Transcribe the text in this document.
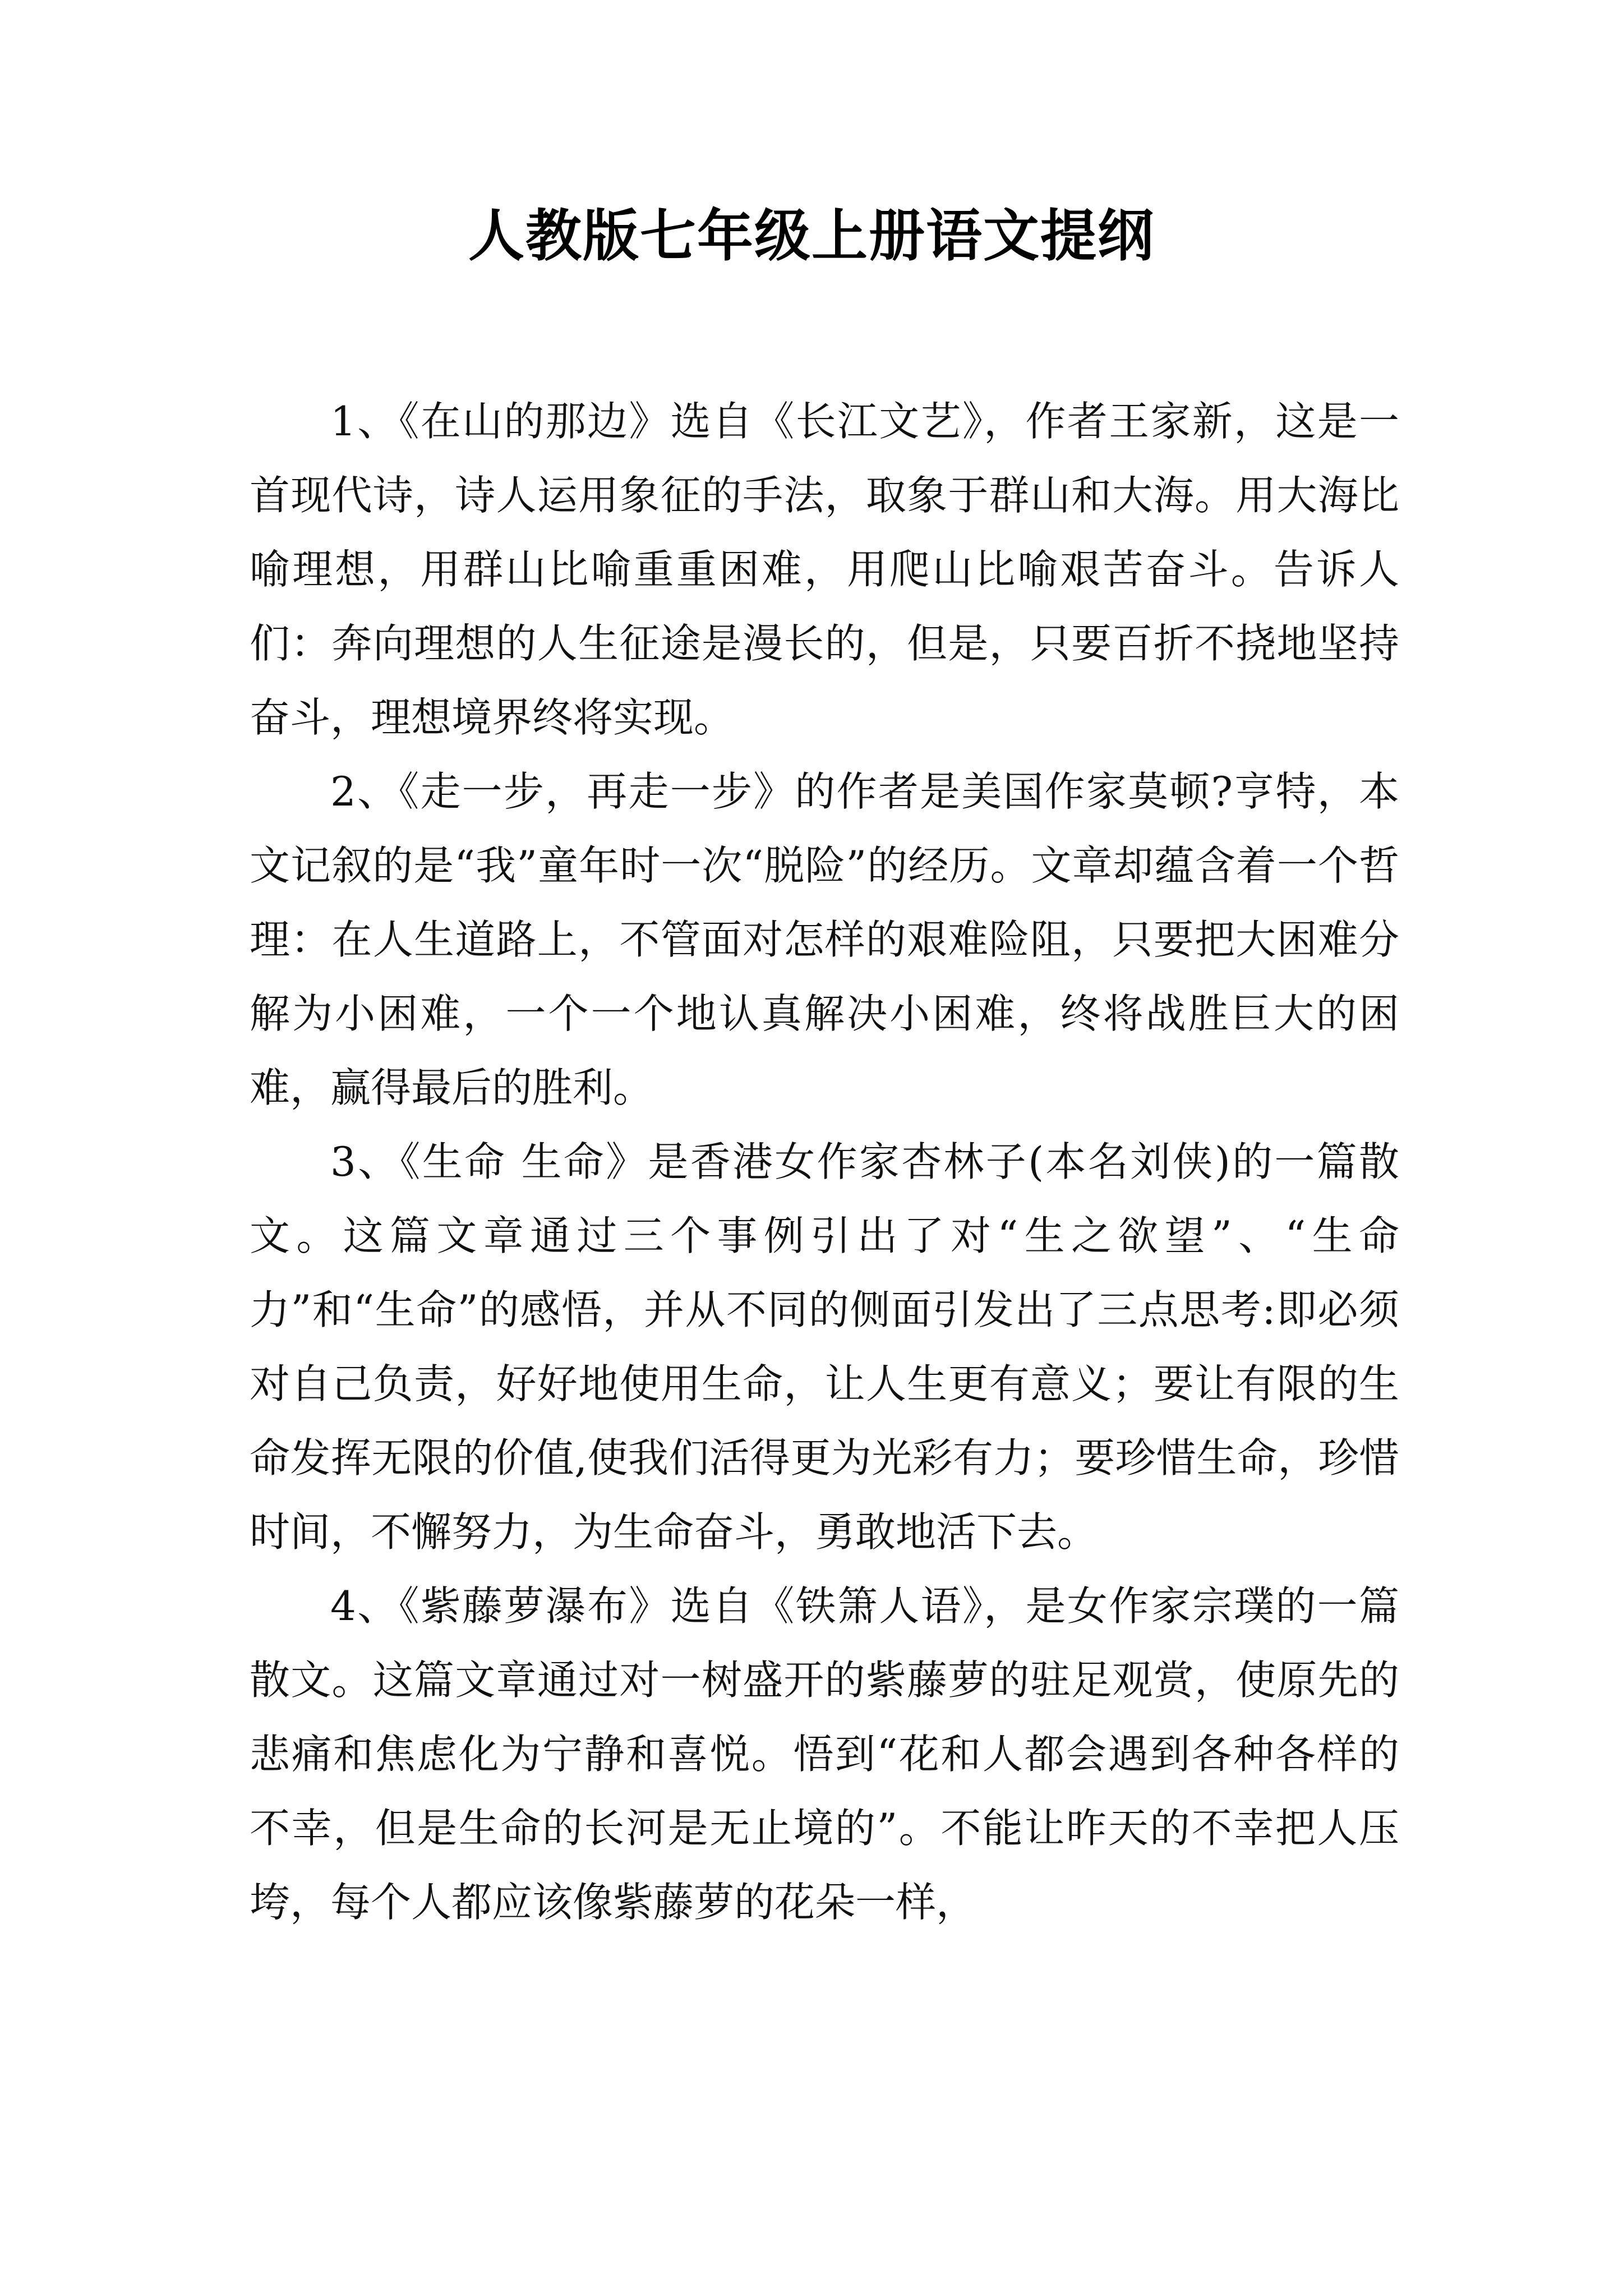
人教版七年级上册语文提纲

1、《在山的那边》选自《长江文艺》，作者王家新，这是一首现代诗，诗人运用象征的手法，取象于群山和大海。用大海比喻理想，用群山比喻重重困难，用爬山比喻艰苦奋斗。告诉人们：奔向理想的人生征途是漫长的，但是，只要百折不挠地坚持奋斗，理想境界终将实现。

2、《走一步，再走一步》的作者是美国作家莫顿?亨特，本文记叙的是“我”童年时一次“脱险”的经历。文章却蕴含着一个哲理：在人生道路上，不管面对怎样的艰难险阻，只要把大困难分解为小困难，一个一个地认真解决小困难，终将战胜巨大的困难，赢得最后的胜利。

3、《生命 生命》是香港女作家杏林子(本名刘侠)的一篇散文。这篇文章通过三个事例引出了对“生之欲望”、“生命力”和“生命”的感悟，并从不同的侧面引发出了三点思考:即必须对自己负责，好好地使用生命，让人生更有意义；要让有限的生命发挥无限的价值,使我们活得更为光彩有力；要珍惜生命，珍惜时间，不懈努力，为生命奋斗，勇敢地活下去。

4、《紫藤萝瀑布》选自《铁箫人语》，是女作家宗璞的一篇散文。这篇文章通过对一树盛开的紫藤萝的驻足观赏，使原先的悲痛和焦虑化为宁静和喜悦。悟到“花和人都会遇到各种各样的不幸，但是生命的长河是无止境的”。不能让昨天的不幸把人压垮，每个人都应该像紫藤萝的花朵一样，
